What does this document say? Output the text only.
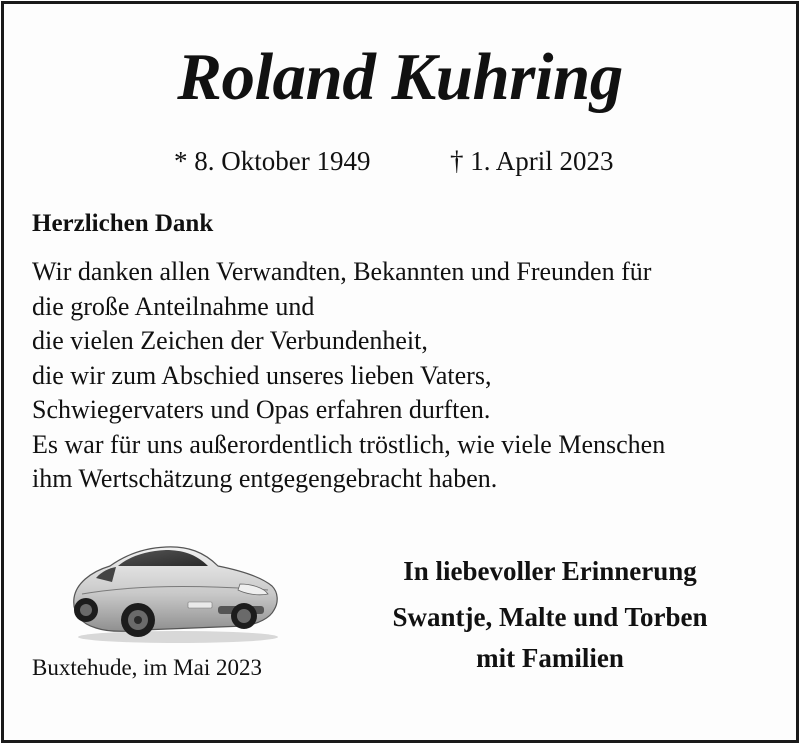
Roland Kuhring
* 8. Oktober 1949	† 1. April 2023
Herzlichen Dank
Wir danken allen Verwandten, Bekannten und Freunden für
die große Anteilnahme und
die vielen Zeichen der Verbundenheit,
die wir zum Abschied unseres lieben Vaters,
Schwiegervaters und Opas erfahren durften.
Es war für uns außerordentlich tröstlich, wie viele Menschen
ihm Wertschätzung entgegengebracht haben.
Buxtehude, im Mai 2023
In liebevoller Erinnerung
Swantje, Malte und Torben
mit Familien
